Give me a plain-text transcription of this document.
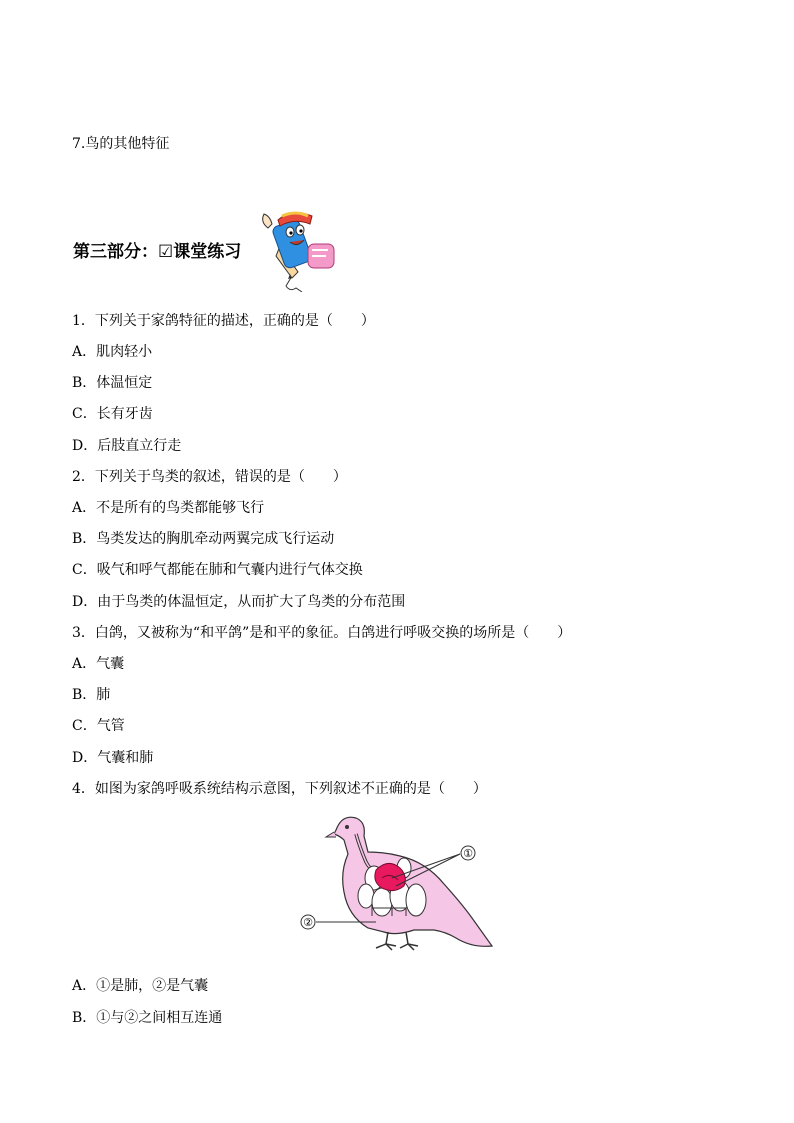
7.鸟的其他特征
第三部分：☑课堂练习
1．下列关于家鸽特征的描述，正确的是（　　）
A．肌肉轻小
B．体温恒定
C．长有牙齿
D．后肢直立行走
2．下列关于鸟类的叙述，错误的是（　　）
A．不是所有的鸟类都能够飞行
B．鸟类发达的胸肌牵动两翼完成飞行运动
C．吸气和呼气都能在肺和气囊内进行气体交换
D．由于鸟类的体温恒定，从而扩大了鸟类的分布范围
3．白鸽，又被称为“和平鸽”是和平的象征。白鸽进行呼吸交换的场所是（　　）
A．气囊
B．肺
C．气管
D．气囊和肺
4．如图为家鸽呼吸系统结构示意图，下列叙述不正确的是（　　）
①
②
A．①是肺，②是气囊
B．①与②之间相互连通
